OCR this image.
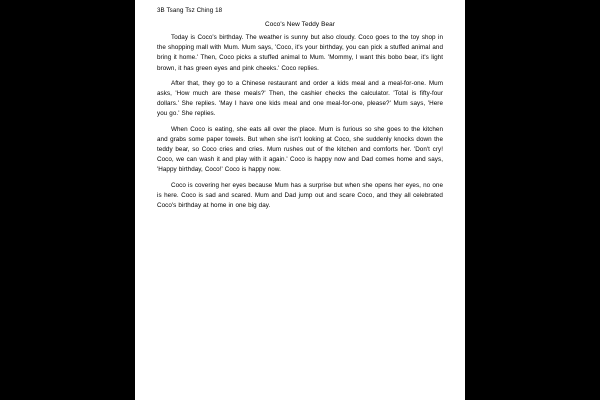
3B Tsang Tsz Ching 18
Coco's New Teddy Bear

Today is Coco's birthday. The weather is sunny but also cloudy. Coco goes to the toy shop in the shopping mall with Mum. Mum says, 'Coco, it's your birthday, you can pick a stuffed animal and bring it home.' Then, Coco picks a stuffed animal to Mum. 'Mommy, I want this bobo bear, it's light brown, it has green eyes and pink cheeks.' Coco replies.

After that, they go to a Chinese restaurant and order a kids meal and a meal-for-one. Mum asks, 'How much are these meals?' Then, the cashier checks the calculator. 'Total is fifty-four dollars.' She replies. 'May I have one kids meal and one meal-for-one, please?' Mum says, 'Here you go.' She replies.

When Coco is eating, she eats all over the place. Mum is furious so she goes to the kitchen and grabs some paper towels. But when she isn't looking at Coco, she suddenly knocks down the teddy bear, so Coco cries and cries. Mum rushes out of the kitchen and comforts her. 'Don't cry! Coco, we can wash it and play with it again.' Coco is happy now and Dad comes home and says, 'Happy birthday, Coco!' Coco is happy now.

Coco is covering her eyes because Mum has a surprise but when she opens her eyes, no one is here. Coco is sad and scared. Mum and Dad jump out and scare Coco, and they all celebrated Coco's birthday at home in one big day.
